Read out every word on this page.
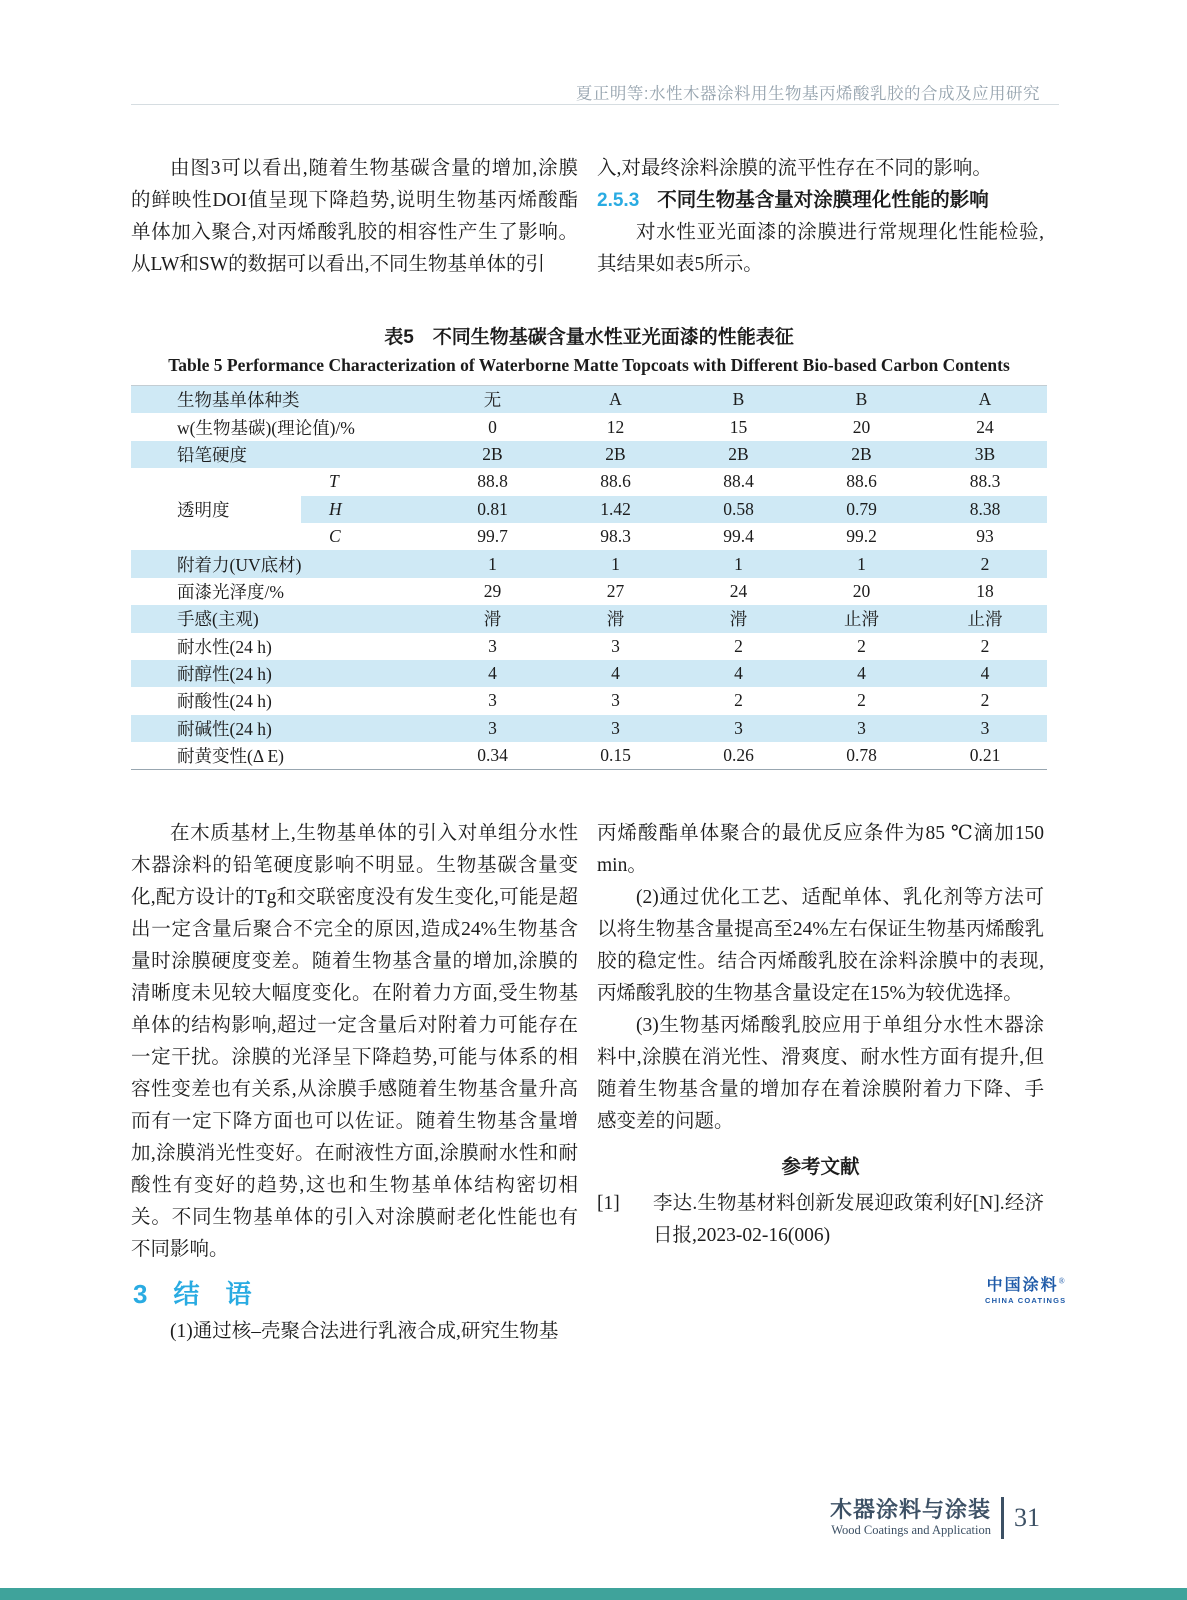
夏正明等:水性木器涂料用生物基丙烯酸乳胶的合成及应用研究

由图3可以看出,随着生物基碳含量的增加,涂膜的鲜映性DOI值呈现下降趋势,说明生物基丙烯酸酯单体加入聚合,对丙烯酸乳胶的相容性产生了影响。从LW和SW的数据可以看出,不同生物基单体的引

入,对最终涂料涂膜的流平性存在不同的影响。

2.5.3 不同生物基含量对涂膜理化性能的影响

对水性亚光面漆的涂膜进行常规理化性能检验,其结果如表5所示。

表5　不同生物基碳含量水性亚光面漆的性能表征

Table 5 Performance Characterization of Waterborne Matte Topcoats with Different Bio-based Carbon Contents

生物基单体种类		无	A	B	B	A
w(生物基碳)(理论值)/%		0	12	15	20	24
铅笔硬度		2B	2B	2B	2B	3B
透明度	T	88.8	88.6	88.4	88.6	88.3
	H	0.81	1.42	0.58	0.79	8.38
	C	99.7	98.3	99.4	99.2	93
附着力(UV底材)		1	1	1	1	2
面漆光泽度/%		29	27	24	20	18
手感(主观)		滑	滑	滑	止滑	止滑
耐水性(24 h)		3	3	2	2	2
耐醇性(24 h)		4	4	4	4	4
耐酸性(24 h)		3	3	2	2	2
耐碱性(24 h)		3	3	3	3	3
耐黄变性(Δ E)		0.34	0.15	0.26	0.78	0.21

在木质基材上,生物基单体的引入对单组分水性木器涂料的铅笔硬度影响不明显。生物基碳含量变化,配方设计的Tg和交联密度没有发生变化,可能是超出一定含量后聚合不完全的原因,造成24%生物基含量时涂膜硬度变差。随着生物基含量的增加,涂膜的清晰度未见较大幅度变化。在附着力方面,受生物基单体的结构影响,超过一定含量后对附着力可能存在一定干扰。涂膜的光泽呈下降趋势,可能与体系的相容性变差也有关系,从涂膜手感随着生物基含量升高而有一定下降方面也可以佐证。随着生物基含量增加,涂膜消光性变好。在耐液性方面,涂膜耐水性和耐酸性有变好的趋势,这也和生物基单体结构密切相关。不同生物基单体的引入对涂膜耐老化性能也有不同影响。

3 结　语

(1)通过核–壳聚合法进行乳液合成,研究生物基

丙烯酸酯单体聚合的最优反应条件为85 ℃滴加150 min。

(2)通过优化工艺、适配单体、乳化剂等方法可以将生物基含量提高至24%左右保证生物基丙烯酸乳胶的稳定性。结合丙烯酸乳胶在涂料涂膜中的表现,丙烯酸乳胶的生物基含量设定在15%为较优选择。

(3)生物基丙烯酸乳胶应用于单组分水性木器涂料中,涂膜在消光性、滑爽度、耐水性方面有提升,但随着生物基含量的增加存在着涂膜附着力下降、手感变差的问题。

参考文献

[1]	李达.生物基材料创新发展迎政策利好[N].经济日报,2023-02-16(006)
中国涂料®
CHINA COATINGS
木器涂料与涂装
Wood Coatings and Application 31
